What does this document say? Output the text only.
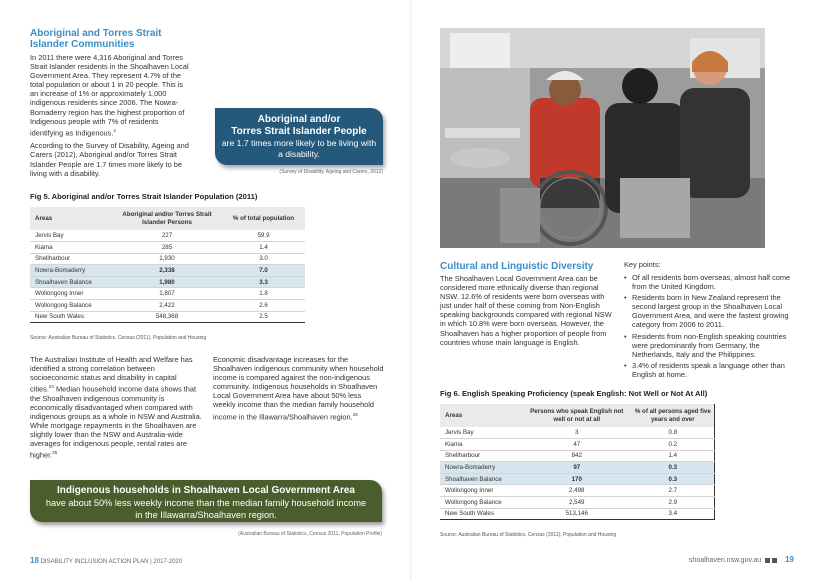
Aboriginal and Torres Strait Islander Communities

In 2011 there were 4,316 Aboriginal and Torres Strait Islander residents in the Shoalhaven Local Government Area. They represent 4.7% of the total population or about 1 in 20 people. This is an increase of 1% or approximately 1,000 indigenous residents since 2006. The Nowra-Bomaderry region has the highest proportion of Indigenous people with 7% of residents identifying as Indigenous.$^2$

According to the Survey of Disability, Ageing and Carers (2012), Aboriginal and/or Torres Strait Islander People are 1.7 times more likely to be living with a disability.

Aboriginal and/or
Torres Strait Islander People
are 1.7 times more likely to be living with a disability.
(Survey of Disability, Ageing and Carers, 2012)
Fig 5. Aboriginal and/or Torres Strait Islander Population (2011)
Areas	Aboriginal and/or Torres Strait Islander Persons	% of total population
Jervis Bay	227	59.9
Kiama	285	1.4
Shellharbour	1,930	3.0
Nowra-Bomaderry	2,338	7.0
Shoalhaven Balance	1,980	3.3
Wollongong Inner	1,807	1.8
Wollongong Balance	2,422	2.6
New South Wales	548,368	2.5
Source: Australian Bureau of Statistics, Census (2011), Population and Housing
The Australian Institute of Health and Welfare has identified a strong correlation between socioeconomic status and disability in capital cities.$^{24}$ Median household income data shows that the Shoalhaven indigenous community is economically disadvantaged when compared with indigenous groups as a whole in NSW and Australia. While mortgage repayments in the Shoalhaven are slightly lower than the NSW and Australia-wide averages for indigenous people, rental rates are higher.$^{25}$
Economic disadvantage increases for the Shoalhaven indigenous community when household income is compared against the non-indigenous community. Indigenous households in Shoalhaven Local Government Area have about 50% less weekly income than the median family household income in the Illawarra/Shoalhaven region.$^{26}$
Indigenous households in Shoalhaven Local Government Area
have about 50% less weekly income than the median family household income in the Illawarra/Shoalhaven region.
(Australian Bureau of Statistics, Census 2011, Population Profile)
18 DISABILITY INCLUSION ACTION PLAN | 2017-2020
Cultural and Linguistic Diversity
The Shoalhaven Local Government Area can be considered more ethnically diverse than regional NSW. 12.6% of residents were born overseas with just under half of these coming from Non-English speaking backgrounds compared with regional NSW in which 10.8% were born overseas. However, the Shoalhaven has a higher proportion of people from countries whose main language is English.
Key points:
• Of all residents born overseas, almost half come from the United Kingdom.
• Residents born in New Zealand represent the second largest group in the Shoalhaven Local Government Area, and were the fastest growing category from 2006 to 2011.
• Residents from non-English speaking countries were predominantly from Germany, the Netherlands, Italy and the Philippines.
• 3.4% of residents speak a language other than English at home.
Fig 6. English Speaking Proficiency (speak English: Not Well or Not At All)
Areas	Persons who speak English not well or not at all	% of all persons aged five years and over
Jervis Bay	3	0.8
Kiama	47	0.2
Shellharbour	842	1.4
Nowra-Bomaderry	97	0.3
Shoalhaven Balance	170	0.3
Wollongong Inner	2,498	2.7
Wollongong Balance	2,549	2.9
New South Wales	513,146	3.4
Source: Australian Bureau of Statistics, Census (2011), Population and Housing
shoalhaven.nsw.gov.au	19
